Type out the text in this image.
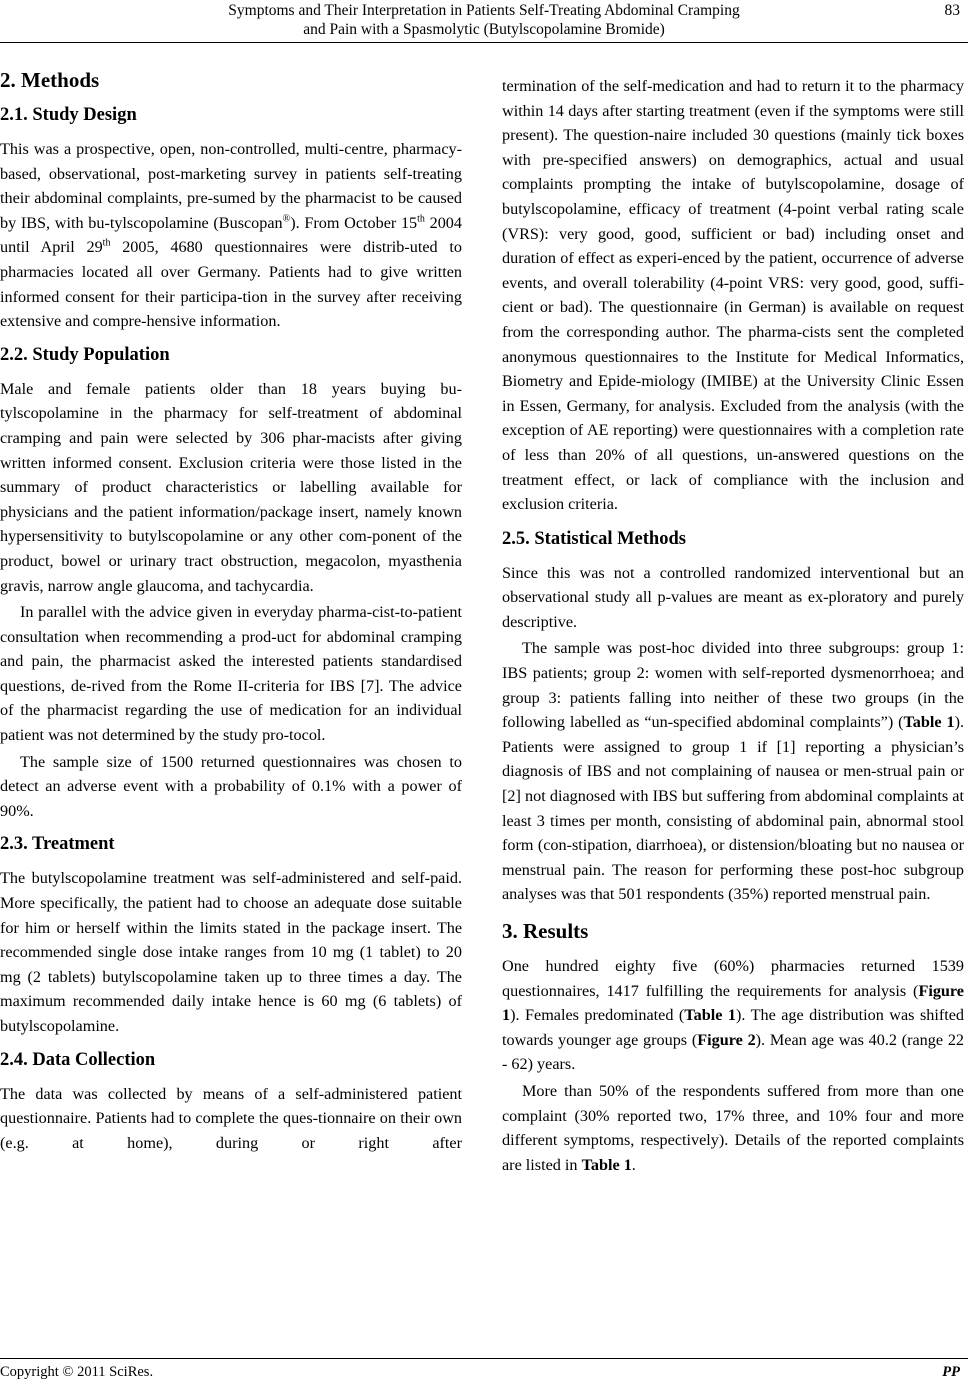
Symptoms and Their Interpretation in Patients Self-Treating Abdominal Cramping
and Pain with a Spasmolytic (Butylscopolamine Bromide)
83
2. Methods
2.1. Study Design

This was a prospective, open, non-controlled, multi-centre, pharmacy-based, observational, post-marketing survey in patients self-treating their abdominal complaints, pre-sumed by the pharmacist to be caused by IBS, with bu-tylscopolamine (Buscopan®). From October 15th 2004 until April 29th 2005, 4680 questionnaires were distrib-uted to pharmacies located all over Germany. Patients had to give written informed consent for their participa-tion in the survey after receiving extensive and compre-hensive information.

2.2. Study Population

Male and female patients older than 18 years buying bu-tylscopolamine in the pharmacy for self-treatment of abdominal cramping and pain were selected by 306 phar-macists after giving written informed consent. Exclusion criteria were those listed in the summary of product characteristics or labelling available for physicians and the patient information/package insert, namely known hypersensitivity to butylscopolamine or any other com-ponent of the product, bowel or urinary tract obstruction, megacolon, myasthenia gravis, narrow angle glaucoma, and tachycardia.

In parallel with the advice given in everyday pharma-cist-to-patient consultation when recommending a prod-uct for abdominal cramping and pain, the pharmacist asked the interested patients standardised questions, de-rived from the Rome II-criteria for IBS [7]. The advice of the pharmacist regarding the use of medication for an individual patient was not determined by the study pro-tocol.

The sample size of 1500 returned questionnaires was chosen to detect an adverse event with a probability of 0.1% with a power of 90%.

2.3. Treatment

The butylscopolamine treatment was self-administered and self-paid. More specifically, the patient had to choose an adequate dose suitable for him or herself within the limits stated in the package insert. The recommended single dose intake ranges from 10 mg (1 tablet) to 20 mg (2 tablets) butylscopolamine taken up to three times a day. The maximum recommended daily intake hence is 60 mg (6 tablets) of butylscopolamine.

2.4. Data Collection

The data was collected by means of a self-administered patient questionnaire. Patients had to complete the ques-tionnaire on their own (e.g. at home), during or right after

termination of the self-medication and had to return it to the pharmacy within 14 days after starting treatment (even if the symptoms were still present). The question-naire included 30 questions (mainly tick boxes with pre-specified answers) on demographics, actual and usual complaints prompting the intake of butylscopolamine, dosage of butylscopolamine, efficacy of treatment (4-point verbal rating scale (VRS): very good, good, sufficient or bad) including onset and duration of effect as experi-enced by the patient, occurrence of adverse events, and overall tolerability (4-point VRS: very good, good, suffi-cient or bad). The questionnaire (in German) is available on request from the corresponding author. The pharma-cists sent the completed anonymous questionnaires to the Institute for Medical Informatics, Biometry and Epide-miology (IMIBE) at the University Clinic Essen in Essen, Germany, for analysis. Excluded from the analysis (with the exception of AE reporting) were questionnaires with a completion rate of less than 20% of all questions, un-answered questions on the treatment effect, or lack of compliance with the inclusion and exclusion criteria.

2.5. Statistical Methods

Since this was not a controlled randomized interventional but an observational study all p-values are meant as ex-ploratory and purely descriptive.

The sample was post-hoc divided into three subgroups: group 1: IBS patients; group 2: women with self-reported dysmenorrhoea; and group 3: patients falling into neither of these two groups (in the following labelled as “un-specified abdominal complaints”) (Table 1). Patients were assigned to group 1 if [1] reporting a physician’s diagnosis of IBS and not complaining of nausea or men-strual pain or [2] not diagnosed with IBS but suffering from abdominal complaints at least 3 times per month, consisting of abdominal pain, abnormal stool form (con-stipation, diarrhoea), or distension/bloating but no nausea or menstrual pain. The reason for performing these post-hoc subgroup analyses was that 501 respondents (35%) reported menstrual pain.

3. Results

One hundred eighty five (60%) pharmacies returned 1539 questionnaires, 1417 fulfilling the requirements for analysis (Figure 1). Females predominated (Table 1). The age distribution was shifted towards younger age groups (Figure 2). Mean age was 40.2 (range 22 - 62) years.

More than 50% of the respondents suffered from more than one complaint (30% reported two, 17% three, and 10% four and more different symptoms, respectively). Details of the reported complaints are listed in Table 1.

Copyright © 2011 SciRes.	PP
